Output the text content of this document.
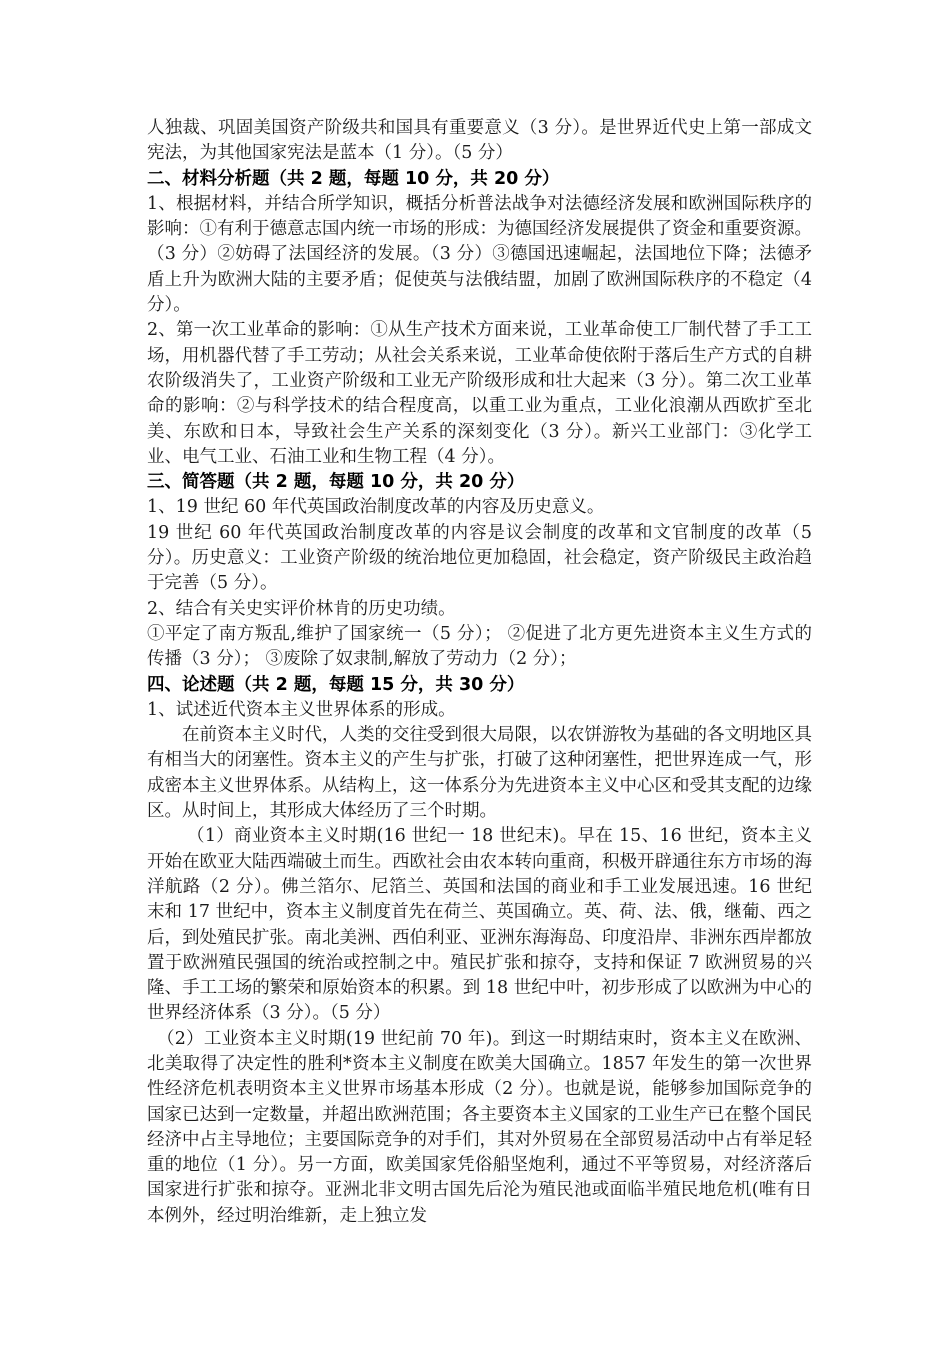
人独裁、巩固美国资产阶级共和国具有重要意义（3 分）。是世界近代史上第一部成文宪法，为其他国家宪法是蓝本（1 分）。（5 分）

二、材料分析题（共 2 题，每题 10 分，共 20 分）

1、根据材料，并结合所学知识，概括分析普法战争对法德经济发展和欧洲国际秩序的影响：①有利于德意志国内统一市场的形成：为德国经济发展提供了资金和重要资源。（3 分）②妨碍了法国经济的发展。（3 分）③德国迅速崛起，法国地位下降；法德矛盾上升为欧洲大陆的主要矛盾；促使英与法俄结盟，加剧了欧洲国际秩序的不稳定（4 分）。

2、第一次工业革命的影响：①从生产技术方面来说，工业革命使工厂制代替了手工工场，用机器代替了手工劳动；从社会关系来说，工业革命使依附于落后生产方式的自耕农阶级消失了，工业资产阶级和工业无产阶级形成和壮大起来（3 分）。第二次工业革命的影响：②与科学技术的结合程度高，以重工业为重点，工业化浪潮从西欧扩至北美、东欧和日本，导致社会生产关系的深刻变化（3 分）。新兴工业部门：③化学工业、电气工业、石油工业和生物工程（4 分）。

三、简答题（共 2 题，每题 10 分，共 20 分）

1、19 世纪 60 年代英国政治制度改革的内容及历史意义。

19 世纪 60 年代英国政治制度改革的内容是议会制度的改革和文官制度的改革（5 分）。历史意义：工业资产阶级的统治地位更加稳固，社会稳定，资产阶级民主政治趋于完善（5 分）。

2、结合有关史实评价林肯的历史功绩。

①平定了南方叛乱,维护了国家统一（5 分）； ②促进了北方更先进资本主义生方式的传播（3 分）； ③废除了奴隶制,解放了劳动力（2 分）；

四、论述题（共 2 题，每题 15 分，共 30 分）

1、试述近代资本主义世界体系的形成。

在前资本主义时代，人类的交往受到很大局限，以农饼游牧为基础的各文明地区具有相当大的闭塞性。资本主义的产生与扩张，打破了这种闭塞性，把世界连成一气，形成密本主义世界体系。从结构上，这一体系分为先进资本主义中心区和受其支配的边缘区。从时间上，其形成大体经历了三个时期。

（1）商业资本主义时期(16 世纪一 18 世纪末)。早在 15、16 世纪，资本主义开始在欧亚大陆西端破土而生。西欧社会由农本转向重商，积极开辟通往东方市场的海洋航路（2 分）。佛兰箔尔、尼箔兰、英国和法国的商业和手工业发展迅速。16 世纪末和 17 世纪中，资本主义制度首先在荷兰、英国确立。英、荷、法、俄，继葡、西之后，到处殖民扩张。南北美洲、西伯利亚、亚洲东海海岛、印度沿岸、非洲东西岸都放置于欧洲殖民强国的统治或控制之中。殖民扩张和掠夺，支持和保证 7 欧洲贸易的兴隆、手工工场的繁荣和原始资本的积累。到 18 世纪中叶，初步形成了以欧洲为中心的世界经济体系（3 分）。（5 分）

（2）工业资本主义时期(19 世纪前 70 年)。到这一时期结束时，资本主义在欧洲、北美取得了决定性的胜利*资本主义制度在欧美大国确立。1857 年发生的第一次世界性经济危机表明资本主义世界市场基本形成（2 分）。也就是说，能够参加国际竞争的国家已达到一定数量，并超出欧洲范围；各主要资本主义国家的工业生产已在整个国民经济中占主导地位；主要国际竞争的对手们，其对外贸易在全部贸易活动中占有举足轻重的地位（1 分）。另一方面，欧美国家凭俗船坚炮利，通过不平等贸易，对经济落后国家进行扩张和掠夺。亚洲北非文明古国先后沦为殖民池或面临半殖民地危机(唯有日本例外，经过明治维新，走上独立发
